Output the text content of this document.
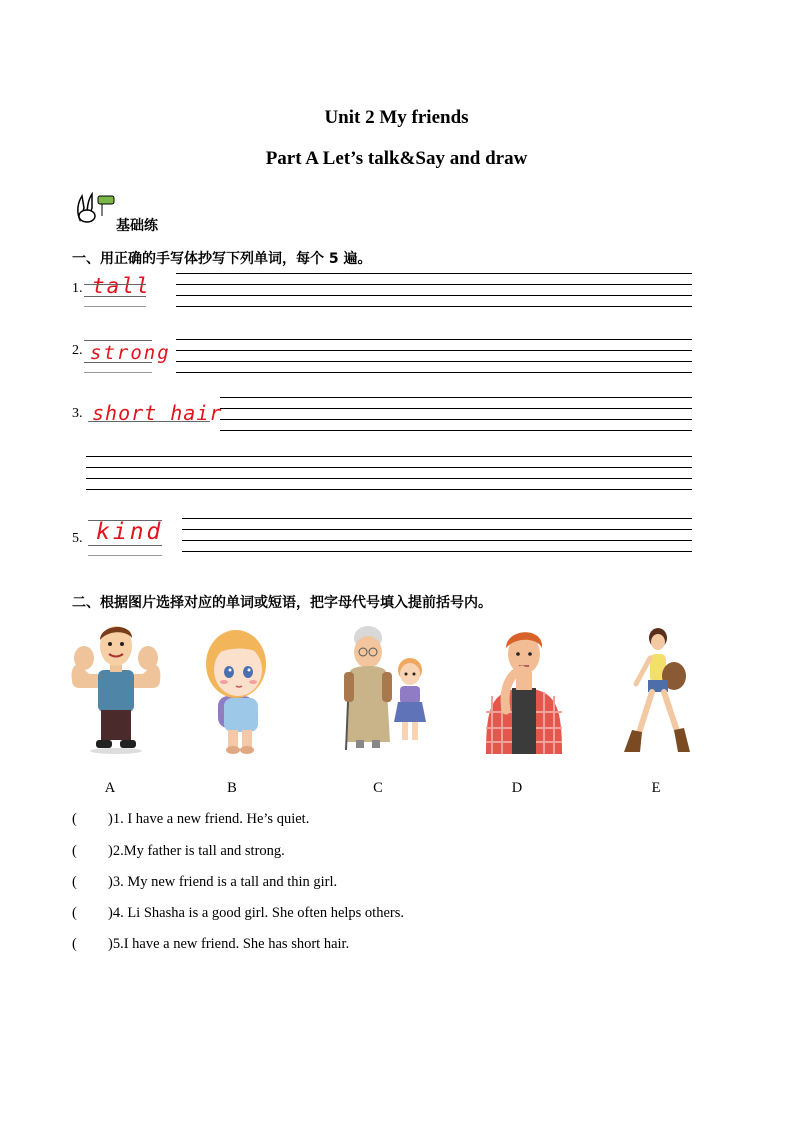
Unit 2 My friends
Part A Let’s talk&Say and draw
基础练
一、用正确的手写体抄写下列单词，每个 5 遍。
1. tall
2. strong
3. short hair
5. kind
二、根据图片选择对应的单词或短语，把字母代号填入提前括号内。
A	B	C	D	E
( )1. I have a new friend. He’s quiet.
( )2.My father is tall and strong.
( )3. My new friend is a tall and thin girl.
( )4. Li Shasha is a good girl. She often helps others.
( )5.I have a new friend. She has short hair.
